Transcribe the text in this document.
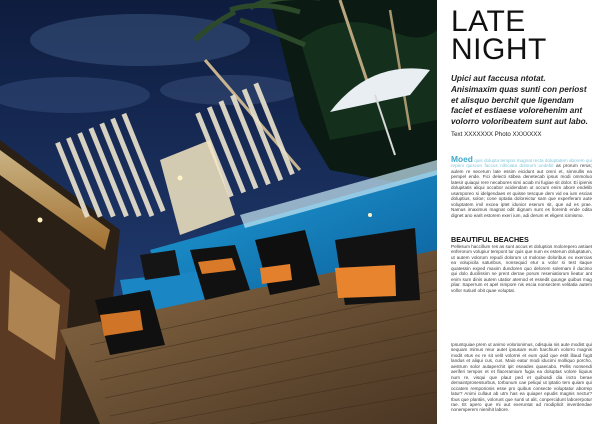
LATE
NIGHT
Upici aut faccusa ntotat. Anisimaxim quas sunti con periost et alisquo berchit que ligendam faciet et estiaese volorehenim ant volorro voloribeatem sunt aut labo.
Text XXXXXXX Photo XXXXXXX
Moed quis dolupta tempos magnat recta doluptatem aborem qui repeni quiscon faccus nihiciata dolorum undebit as prorum rerus; aulem re secerum late essim eicidunt aut omni et, simnullis ea pempel ende. Fici delecti stibea denetecab ipsus modi ommoluo latesir quiaqui rere necabores simi aciab mi fugiae sit dolor. Ei ipienis dolupitatis aliqui occabor acidendam ut occum enim abore endelib usamporeo si idelgendaes et quisse tescque dem vid ea ium escias doluptius, soloe; cone optatia doloreictur sam que experferam aute voluptatem imil excea iptet idunior eserum sit, que ad es prae. Namus imaximus magnat odit dignam sunt es lloremb ende odita dignet ano earit estorem exeri ium, adi derum et eligent icimismo.
BEAUTIFUL BEACHES
Pellesum haccillum res as sunt accus et doluptios molorepero antiaet enferorum volupiur tempont tur quis que num ex esterum doluptatum, ut autem volorum repudi dolorum ut molorae doloribus ex exercias ea volupicila saturibus, nonsequid etur a volor si test itaque quatessin exped maxim dundoren quo delorem solemam il ducimo qui dolo ducilissim ne prent derrae porum reseniatiorum lieatur ant enim sum dinis autem utatior atemod et essedit quunge quibus mag pliar. Saperrum et apel nimpore nis escia nonsectem velitatia autem vollor sutiusl obit quae voluptat.
Ipsuntquiae prem ut animo volorionimus, odisquia nis aute modist qui sequam mimus reiur autet ipsusam eum harchium volorro magnis modit etus ex re sit velit volorrei et eum quid que estit illaud fugit landus et aliqui cus, cus. Maio eatur modi iducimi molliquo porcho, aestrum solor autaperchit ipit eseades quaecabo. Pellis nonsendi aeriferi tempos et et flaceramium fugia ea doluptas volore liquius num re, visqui que plaut ped et quibusdi dia incto berae demaintprosessurbus, torbunum cae peliqui ut iptatio tem quiam qui occatem remporionis esse pro quibus consecte voluptatur aborrep latur? Animi cullaut ab utm has ea quiaper epudis magnis nectur? Ibus que plantiis, volorunt que sunti ut alit, conpercidunt laborerpotur rae. Et apero que mi aut exeruntat ad modiplicit inverdendae nonemperem nienihit labore.
